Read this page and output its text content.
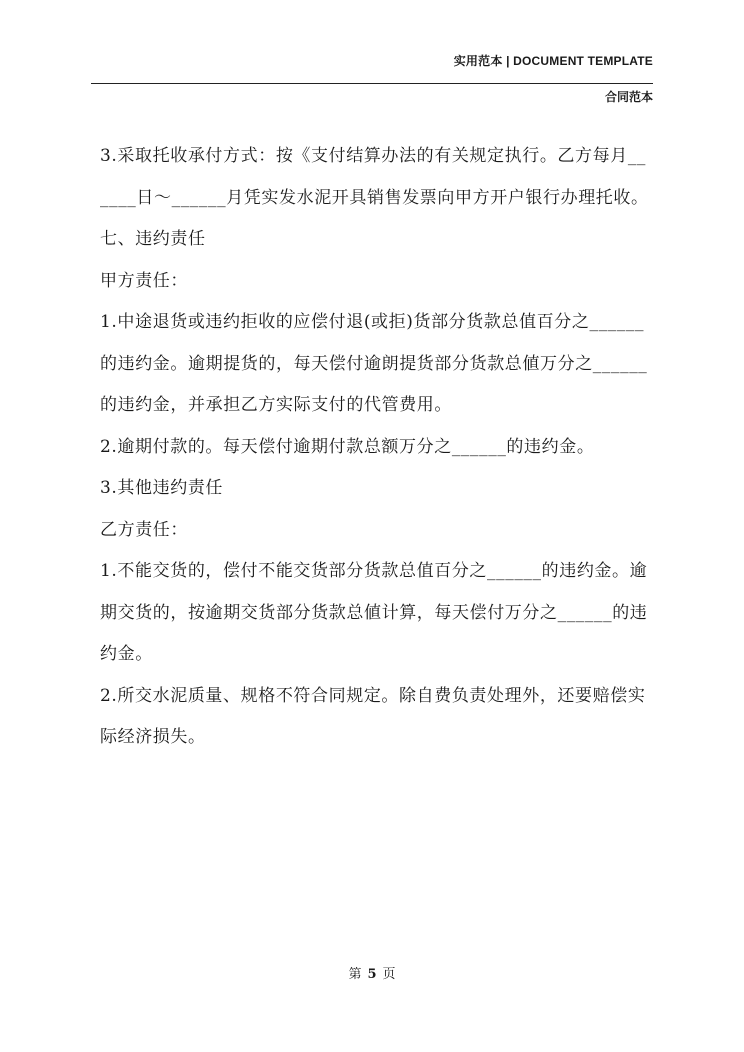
实用范本 | DOCUMENT TEMPLATE
合同范本

3.采取托收承付方式：按《支付结算办法的有关规定执行。乙方每月______日～______月凭实发水泥开具销售发票向甲方开户银行办理托收。

七、违约责任

甲方责任：

1.中途退货或违约拒收的应偿付退(或拒)货部分货款总值百分之______的违约金。逾期提货的，每天偿付逾朗提货部分货款总値万分之______的违约金，并承担乙方实际支付的代管费用。

2.逾期付款的。每天偿付逾期付款总额万分之______的违约金。

3.其他违约责任

乙方责任：

1.不能交货的，偿付不能交货部分货款总值百分之______的违约金。逾期交货的，按逾期交货部分货款总値计算，每天偿付万分之______的违约金。

2.所交水泥质量、规格不符合同规定。除自费负责处理外，还要赔偿实际经济损失。

第 5 页
